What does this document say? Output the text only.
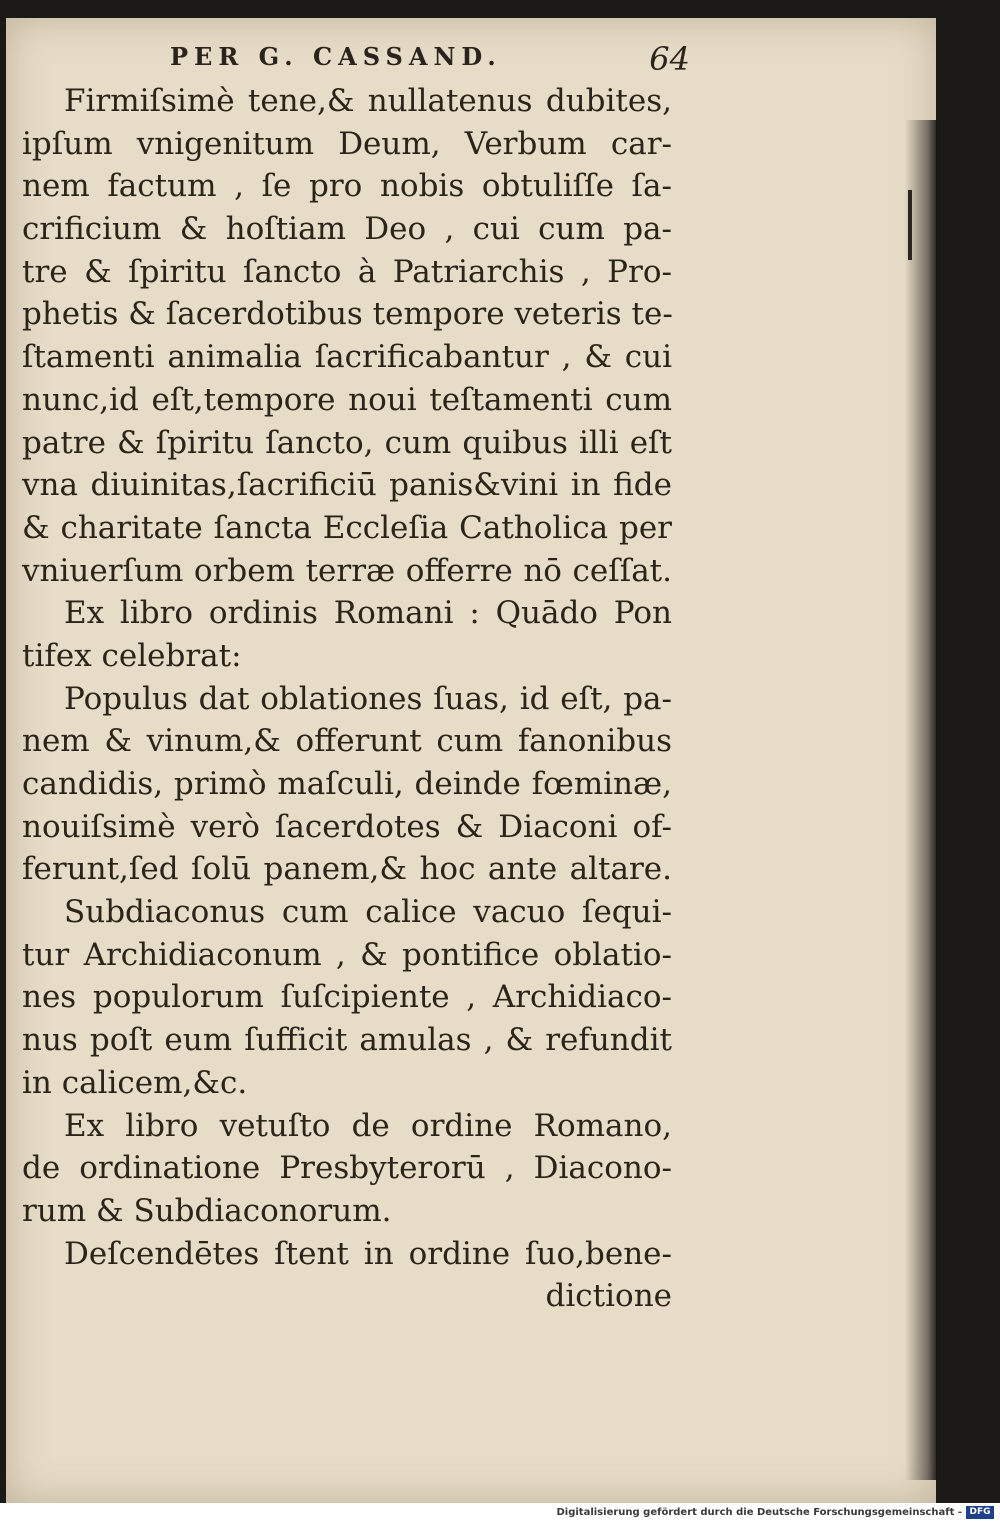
PER G. CASSAND.	64
Firmiſsimè tene,& nullatenus dubites,
ipſum vnigenitum Deum, Verbum car-
nem factum , ſe pro nobis obtuliſſe ſa-
crificium & hoſtiam Deo , cui cum pa-
tre & ſpiritu ſancto à Patriarchis , Pro-
phetis & ſacerdotibus tempore veteris te-
ſtamenti animalia ſacrificabantur , & cui
nunc,id eſt,tempore noui teſtamenti cum
patre & ſpiritu ſancto, cum quibus illi eſt
vna diuinitas,ſacrificiū panis&vini in fide
& charitate ſancta Eccleſia Catholica per
vniuerſum orbem terræ offerre nō ceſſat.
Ex libro ordinis Romani : Quādo Pon
tifex celebrat:
Populus dat oblationes ſuas, id eſt, pa-
nem & vinum,& offerunt cum fanonibus
candidis, primò maſculi, deinde fœminæ,
nouiſsimè verò ſacerdotes & Diaconi of-
ferunt,ſed ſolū panem,& hoc ante altare.
Subdiaconus cum calice vacuo ſequi-
tur Archidiaconum , & pontifice oblatio-
nes populorum ſuſcipiente , Archidiaco-
nus poſt eum ſufficit amulas , & refundit
in calicem,&c.
Ex libro vetuſto de ordine Romano,
de ordinatione Presbyterorū , Diacono-
rum & Subdiaconorum.
Deſcendētes ſtent in ordine ſuo,bene-
dictione
Digitalisierung gefördert durch die Deutsche Forschungsgemeinschaft - DFG
